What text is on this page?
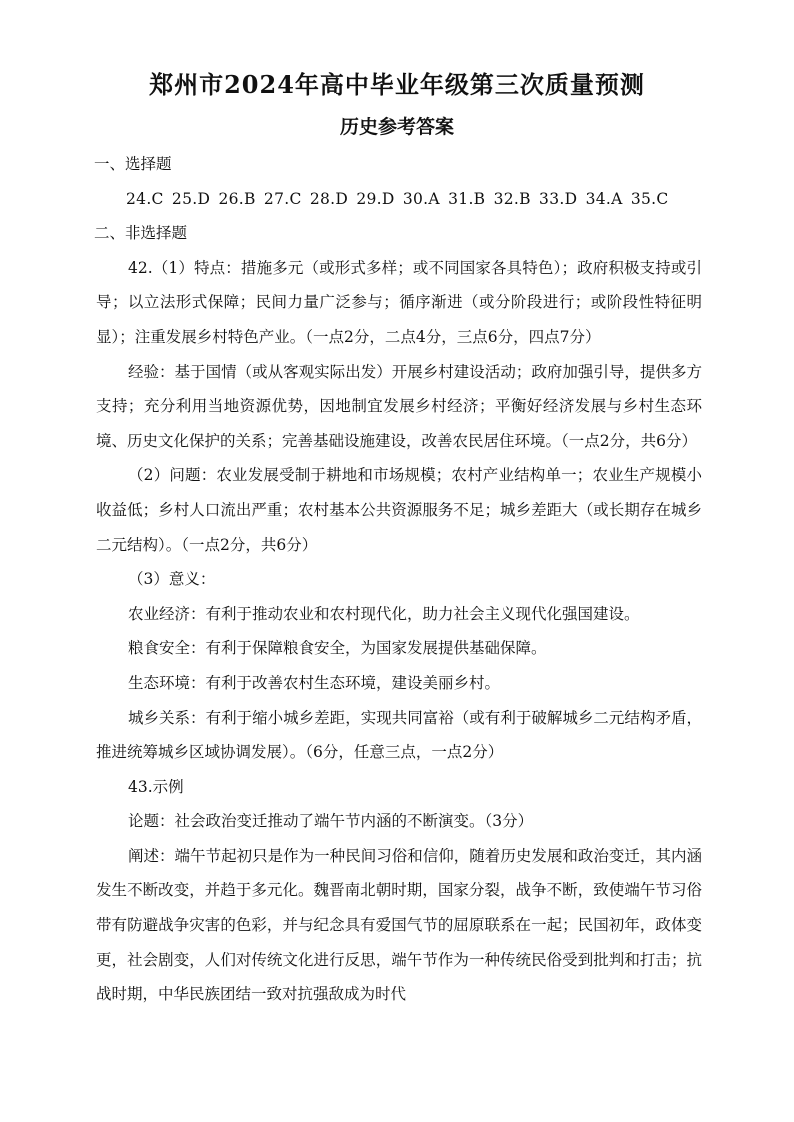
郑州市2024年高中毕业年级第三次质量预测
历史参考答案

一、选择题

24.C 25.D 26.B 27.C 28.D 29.D 30.A 31.B 32.B 33.D 34.A 35.C

二、非选择题

42.（1）特点：措施多元（或形式多样；或不同国家各具特色）；政府积极支持或引导；以立法形式保障；民间力量广泛参与；循序渐进（或分阶段进行；或阶段性特征明显）；注重发展乡村特色产业。（一点2分，二点4分，三点6分，四点7分）

经验：基于国情（或从客观实际出发）开展乡村建设活动；政府加强引导，提供多方支持；充分利用当地资源优势，因地制宜发展乡村经济；平衡好经济发展与乡村生态环境、历史文化保护的关系；完善基础设施建设，改善农民居住环境。（一点2分，共6分）

（2）问题：农业发展受制于耕地和市场规模；农村产业结构单一；农业生产规模小收益低；乡村人口流出严重；农村基本公共资源服务不足；城乡差距大（或长期存在城乡二元结构）。（一点2分，共6分）

（3）意义：

农业经济：有利于推动农业和农村现代化，助力社会主义现代化强国建设。

粮食安全：有利于保障粮食安全，为国家发展提供基础保障。

生态环境：有利于改善农村生态环境，建设美丽乡村。

城乡关系：有利于缩小城乡差距，实现共同富裕（或有利于破解城乡二元结构矛盾，推进统筹城乡区域协调发展）。（6分，任意三点，一点2分）

43.示例

论题：社会政治变迁推动了端午节内涵的不断演变。（3分）

阐述：端午节起初只是作为一种民间习俗和信仰，随着历史发展和政治变迁，其内涵发生不断改变，并趋于多元化。魏晋南北朝时期，国家分裂，战争不断，致使端午节习俗带有防避战争灾害的色彩，并与纪念具有爱国气节的屈原联系在一起；民国初年，政体变更，社会剧变，人们对传统文化进行反思，端午节作为一种传统民俗受到批判和打击；抗战时期，中华民族团结一致对抗强敌成为时代
